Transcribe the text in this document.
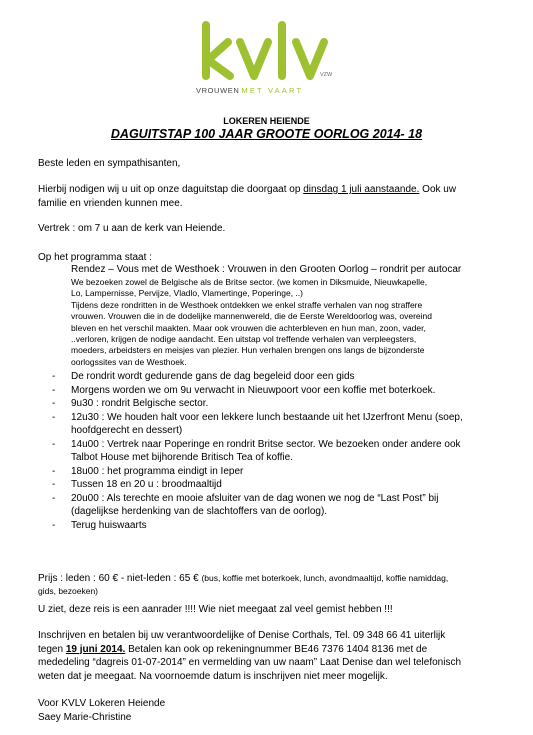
VZW
VROUWEN MET VAART
LOKEREN HEIENDE
DAGUITSTAP 100 JAAR GROOTE OORLOG 2014- 18
Beste leden en sympathisanten,
Hierbij nodigen wij u uit op onze daguitstap die doorgaat op dinsdag 1 juli aanstaande. Ook uw
familie en vrienden kunnen mee.
Vertrek : om 7 u aan de kerk van Heiende.
Op het programma staat :
Rendez – Vous met de Westhoek : Vrouwen in den Grooten Oorlog – rondrit per autocar
We bezoeken zowel de Belgische als de Britse sector. (we komen in Diksmuide, Nieuwkapelle,
Lo, Lampernisse, Pervijze, Vladlo, Vlamertinge, Poperinge, ..)
Tijdens deze rondritten in de Westhoek ontdekken we enkel straffe verhalen van nog straffere
vrouwen. Vrouwen die in de dodelijke mannenwereld, die de Eerste Wereldoorlog was, overeind
bleven en het verschil maakten. Maar ook vrouwen die achterbleven en hun man, zoon, vader,
..verloren, krijgen de nodige aandacht. Een uitstap vol treffende verhalen van verpleegsters,
moeders, arbeidsters en meisjes van plezier. Hun verhalen brengen ons langs de bijzonderste
oorlogssites van de Westhoek.
- De rondrit wordt gedurende gans de dag begeleid door een gids
- Morgens worden we om 9u verwacht in Nieuwpoort voor een koffie met boterkoek.
- 9u30 : rondrit Belgische sector.
- 12u30 : We houden halt voor een lekkere lunch bestaande uit het IJzerfront Menu (soep,
hoofdgerecht en dessert)
- 14u00 : Vertrek naar Poperinge en rondrit Britse sector. We bezoeken onder andere ook
Talbot House met bijhorende Britisch Tea of koffie.
- 18u00 : het programma eindigt in Ieper
- Tussen 18 en 20 u : broodmaaltijd
- 20u00 : Als terechte en mooie afsluiter van de dag wonen we nog de “Last Post” bij
(dagelijkse herdenking van de slachtoffers van de oorlog).
- Terug huiswaarts
Prijs : leden : 60 € - niet-leden : 65 € (bus, koffie met boterkoek, lunch, avondmaaltijd, koffie namiddag,
gids, bezoeken)
U ziet, deze reis is een aanrader !!!! Wie niet meegaat zal veel gemist hebben !!!
Inschrijven en betalen bij uw verantwoordelijke of Denise Corthals, Tel. 09 348 66 41 uiterlijk
tegen 19 juni 2014. Betalen kan ook op rekeningnummer BE46 7376 1404 8136 met de
mededeling “dagreis 01-07-2014” en vermelding van uw naam” Laat Denise dan wel telefonisch
weten dat je meegaat. Na voornoemde datum is inschrijven niet meer mogelijk.
Voor KVLV Lokeren Heiende
Saey Marie-Christine
